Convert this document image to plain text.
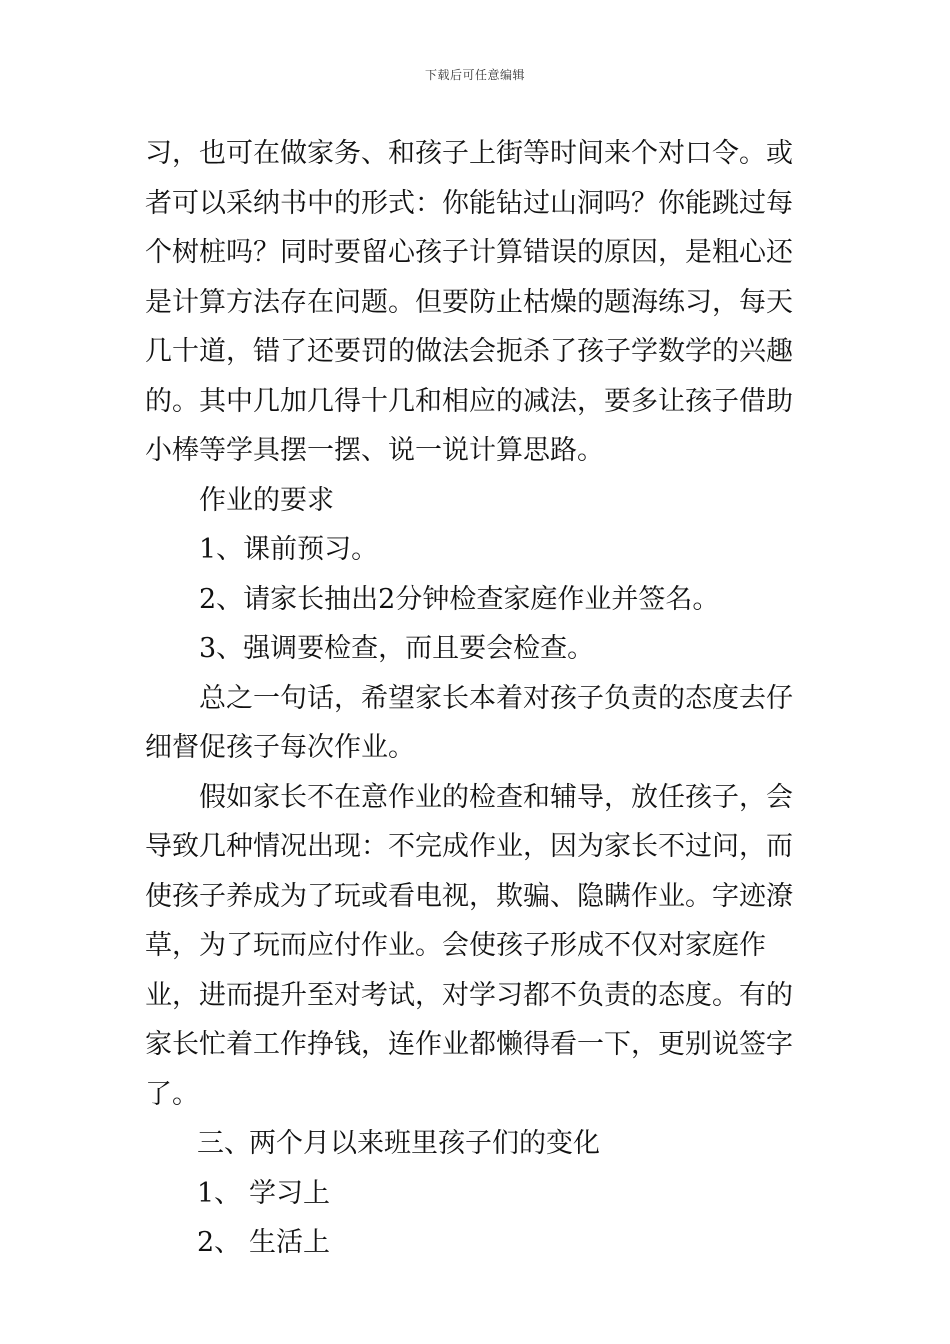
下载后可任意编辑

习，也可在做家务、和孩子上街等时间来个对口令。或者可以采纳书中的形式：你能钻过山洞吗？你能跳过每个树桩吗？同时要留心孩子计算错误的原因，是粗心还是计算方法存在问题。但要防止枯燥的题海练习，每天几十道，错了还要罚的做法会扼杀了孩子学数学的兴趣的。其中几加几得十几和相应的减法，要多让孩子借助小棒等学具摆一摆、说一说计算思路。

作业的要求

1、课前预习。

2、请家长抽出2分钟检查家庭作业并签名。

3、强调要检查，而且要会检查。

总之一句话，希望家长本着对孩子负责的态度去仔细督促孩子每次作业。

假如家长不在意作业的检查和辅导，放任孩子，会导致几种情况出现：不完成作业，因为家长不过问，而使孩子养成为了玩或看电视，欺骗、隐瞒作业。字迹潦草，为了玩而应付作业。会使孩子形成不仅对家庭作业，进而提升至对考试，对学习都不负责的态度。有的家长忙着工作挣钱，连作业都懒得看一下，更别说签字了。

三、两个月以来班里孩子们的变化

1、 学习上

2、 生活上
